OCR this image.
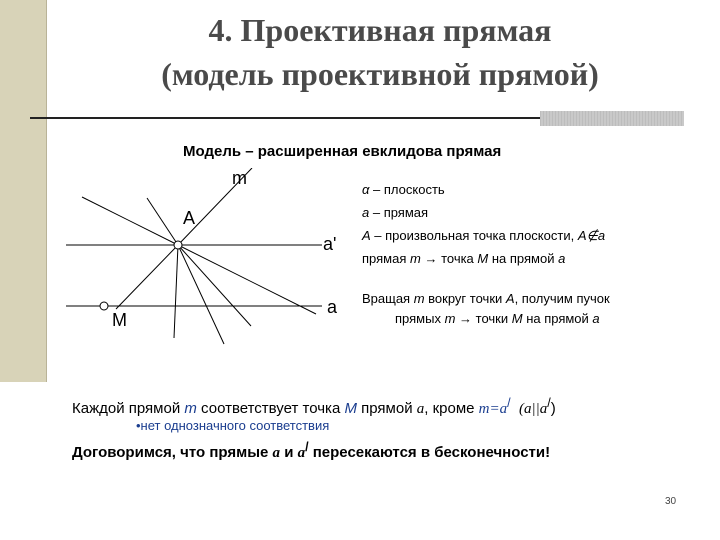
4. Проективная прямая
(модель проективной прямой)
Модель – расширенная евклидова прямая
m
A
a'
a
M
α – плоскость
a – прямая
A – произвольная точка плоскости, A∉a
прямая m → точка M на прямой a
Вращая m вокруг точки A, получим пучок
прямых m → точки M на прямой a
Каждой прямой m соответствует точка M прямой a, кроме m=a/ (a||a/)
•нет однозначного соответствия
Договоримся, что прямые a и a/ пересекаются в бесконечности!
30
